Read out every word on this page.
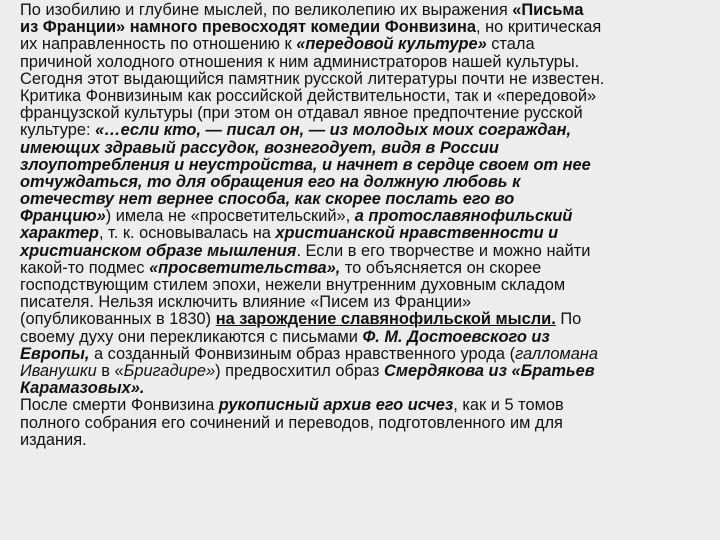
По изобилию и глубине мыслей, по великолепию их выражения «Письма
из Франции» намного превосходят комедии Фонвизина, но критическая
их направленность по отношению к «передовой культуре» стала
причиной холодного отношения к ним администраторов нашей культуры.
Сегодня этот выдающийся памятник русской литературы почти не известен.
Критика Фонвизиным как российской действительности, так и «передовой»
французской культуры (при этом он отдавал явное предпочтение русской
культуре: «…если кто, — писал он, — из молодых моих сограждан,
имеющих здравый рассудок, вознегодует, видя в России
злоупотребления и неустройства, и начнет в сердце своем от нее
отчуждаться, то для обращения его на должную любовь к
отечеству нет вернее способа, как скорее послать его во
Францию») имела не «просветительский», а протославянофильский
характер, т. к. основывалась на христианской нравственности и
христианском образе мышления. Если в его творчестве и можно найти
какой-то подмес «просветительства», то объясняется он скорее
господствующим стилем эпохи, нежели внутренним духовным складом
писателя. Нельзя исключить влияние «Писем из Франции»
(опубликованных в 1830) на зарождение славянофильской мысли. По
своему духу они перекликаются с письмами Ф. М. Достоевского из
Европы, а созданный Фонвизиным образ нравственного урода (галломана
Иванушки в «Бригадире») предвосхитил образ Смердякова из «Братьев
Карамазовых».
После смерти Фонвизина рукописный архив его исчез, как и 5 томов
полного собрания его сочинений и переводов, подготовленного им для
издания.
